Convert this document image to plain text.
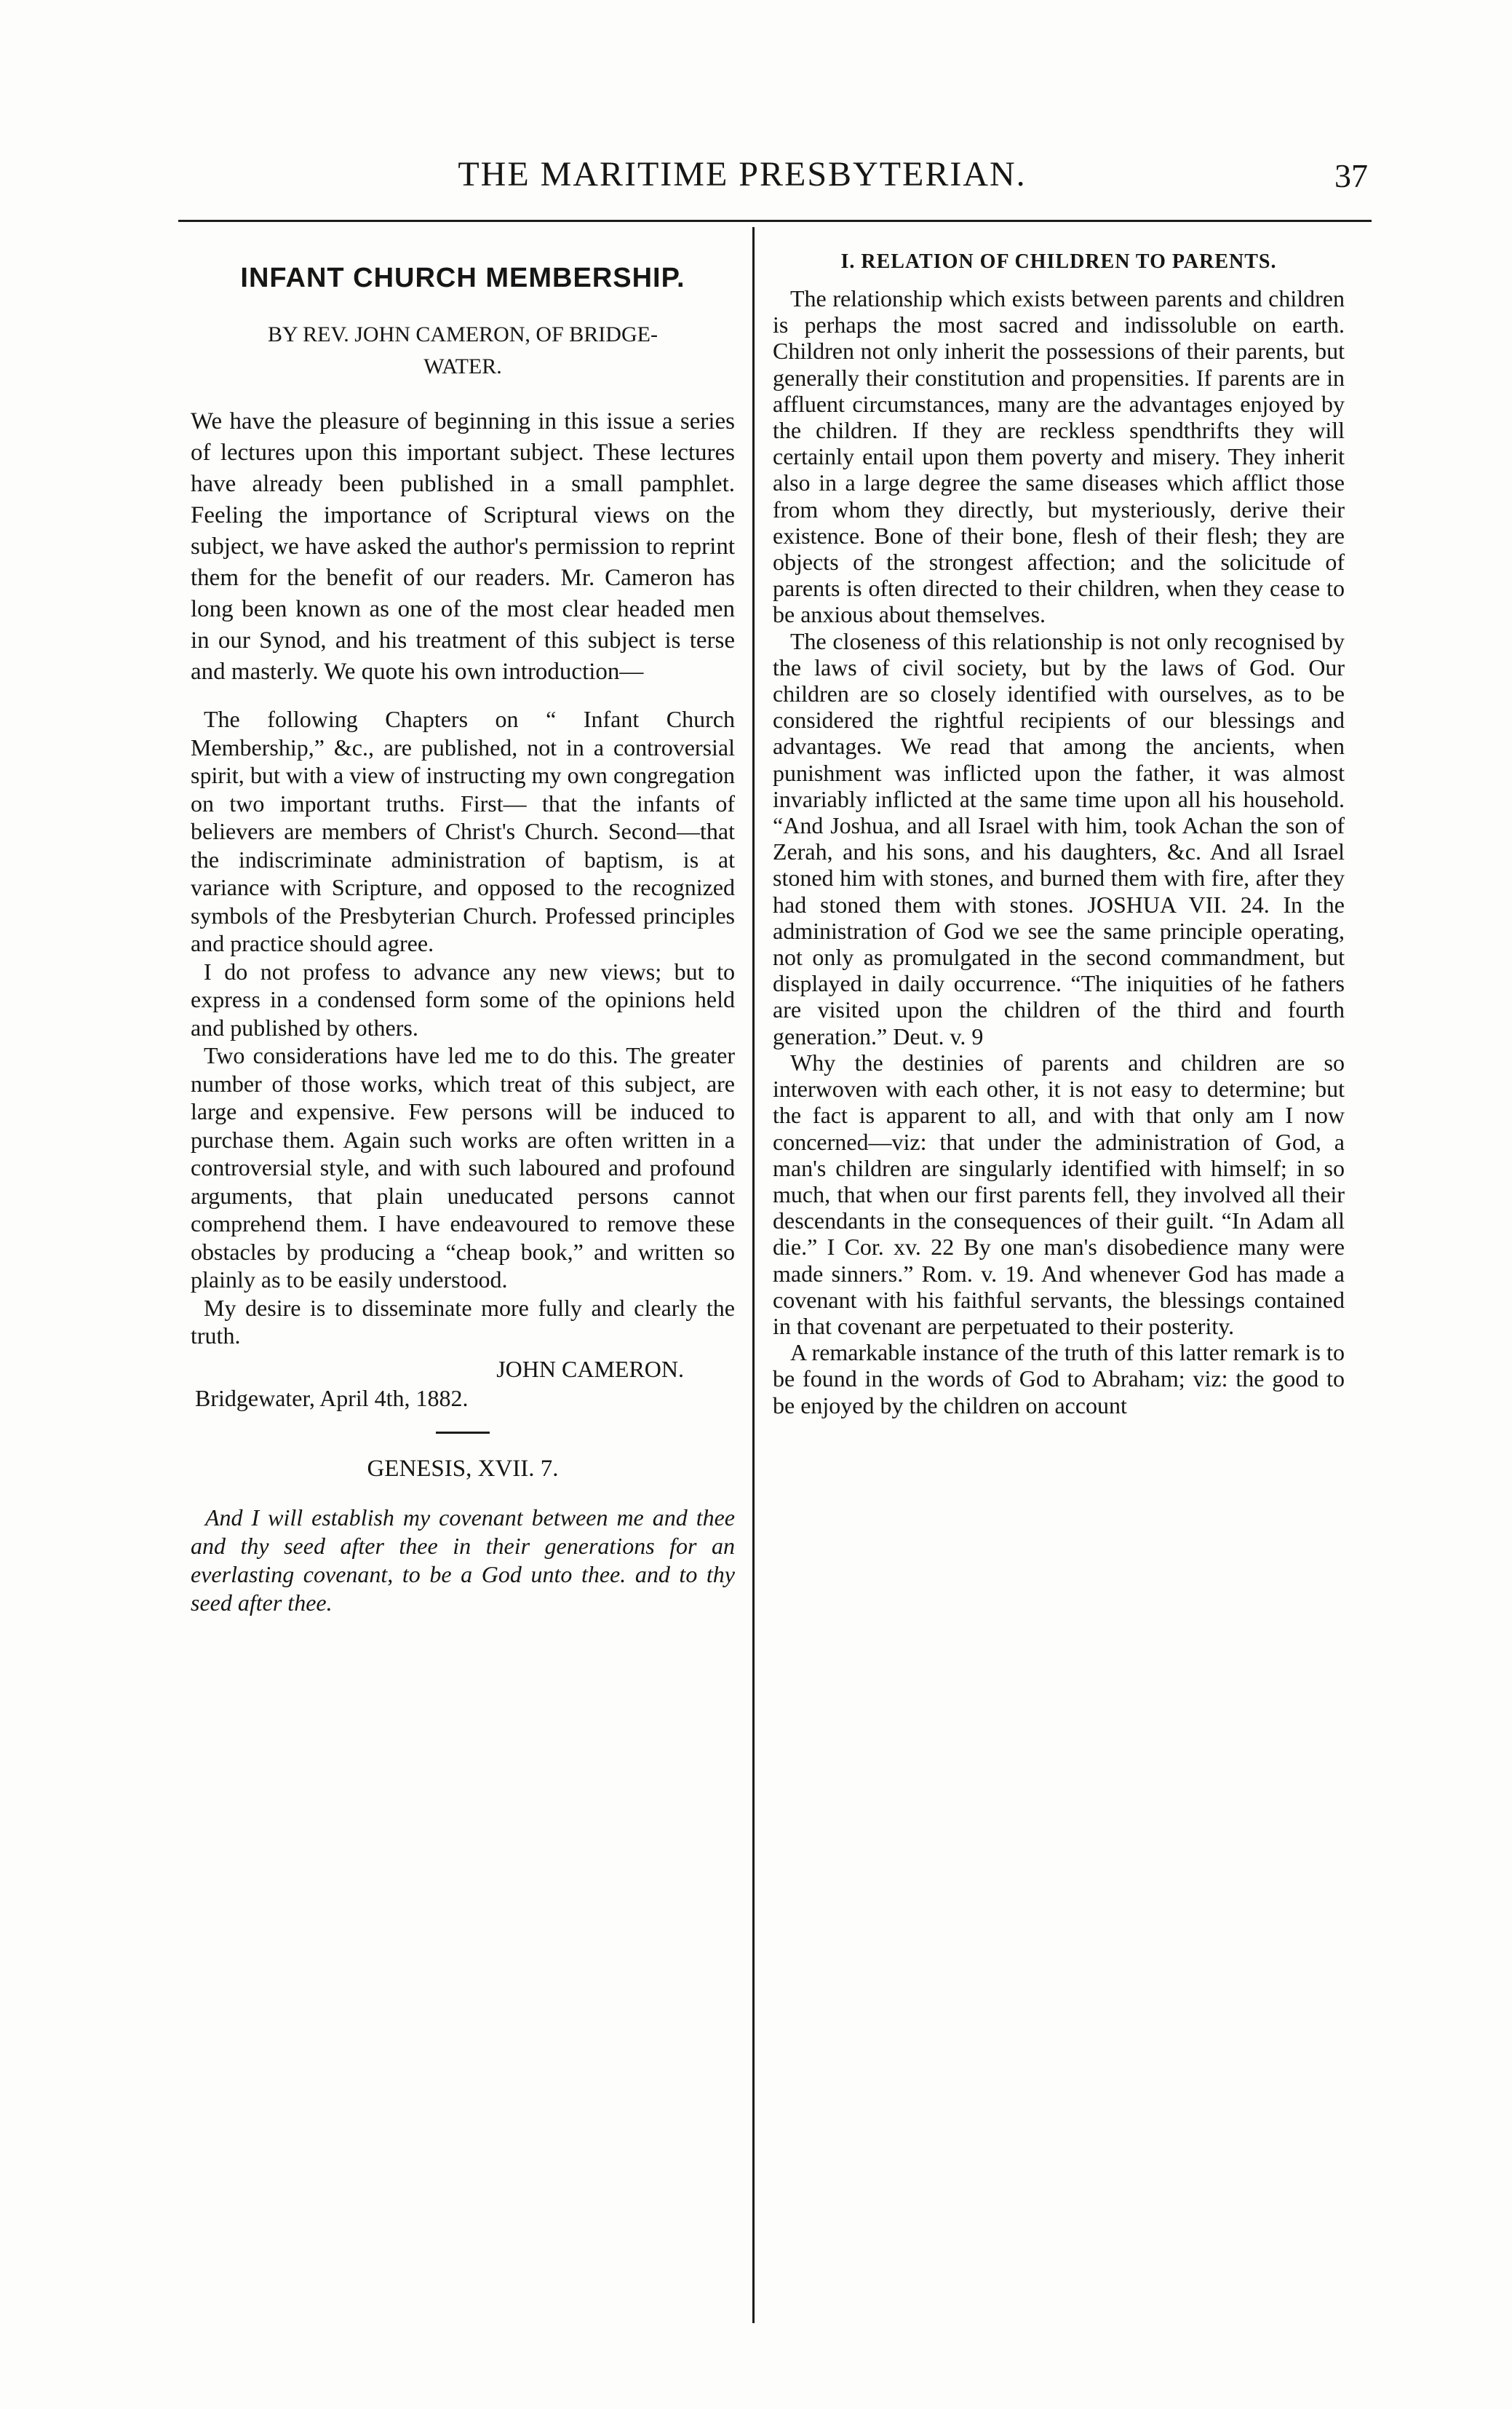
THE MARITIME PRESBYTERIAN.	37
INFANT CHURCH MEMBERSHIP.
BY REV. JOHN CAMERON, OF BRIDGE-
WATER.

We have the pleasure of beginning in this issue a series of lectures upon this important subject. These lectures have already been published in a small pamphlet. Feeling the importance of Scriptural views on the subject, we have asked the author's permission to reprint them for the benefit of our readers. Mr. Cameron has long been known as one of the most clear headed men in our Synod, and his treatment of this subject is terse and masterly. We quote his own introduction—

The following Chapters on “ Infant Church Membership,” &c., are published, not in a controversial spirit, but with a view of instructing my own congregation on two important truths. First— that the infants of believers are members of Christ's Church. Second—that the indiscriminate administration of baptism, is at variance with Scripture, and opposed to the recognized symbols of the Presbyterian Church. Professed principles and practice should agree.

I do not profess to advance any new views; but to express in a condensed form some of the opinions held and published by others.

Two considerations have led me to do this. The greater number of those works, which treat of this subject, are large and expensive. Few persons will be induced to purchase them. Again such works are often written in a controversial style, and with such laboured and profound arguments, that plain uneducated persons cannot comprehend them. I have endeavoured to remove these obstacles by producing a “cheap book,” and written so plainly as to be easily understood.

My desire is to disseminate more fully and clearly the truth.

JOHN CAMERON.
Bridgewater, April 4th, 1882.
GENESIS, XVII. 7.

And I will establish my covenant between me and thee and thy seed after thee in their generations for an everlasting covenant, to be a God unto thee. and to thy seed after thee.

I. RELATION OF CHILDREN TO PARENTS.

The relationship which exists between parents and children is perhaps the most sacred and indissoluble on earth. Children not only inherit the possessions of their parents, but generally their constitution and propensities. If parents are in affluent circumstances, many are the advantages enjoyed by the children. If they are reckless spendthrifts they will certainly entail upon them poverty and misery. They inherit also in a large degree the same diseases which afflict those from whom they directly, but mysteriously, derive their existence. Bone of their bone, flesh of their flesh; they are objects of the strongest affection; and the solicitude of parents is often directed to their children, when they cease to be anxious about themselves.

The closeness of this relationship is not only recognised by the laws of civil society, but by the laws of God. Our children are so closely identified with ourselves, as to be considered the rightful recipients of our blessings and advantages. We read that among the ancients, when punishment was inflicted upon the father, it was almost invariably inflicted at the same time upon all his household. “And Joshua, and all Israel with him, took Achan the son of Zerah, and his sons, and his daughters, &c. And all Israel stoned him with stones, and burned them with fire, after they had stoned them with stones. JOSHUA VII. 24. In the administration of God we see the same principle operating, not only as promulgated in the second commandment, but displayed in daily occurrence. “The iniquities of he fathers are visited upon the children of the third and fourth generation.” Deut. v. 9

Why the destinies of parents and children are so interwoven with each other, it is not easy to determine; but the fact is apparent to all, and with that only am I now concerned—viz: that under the administration of God, a man's children are singularly identified with himself; in so much, that when our first parents fell, they involved all their descendants in the consequences of their guilt. “In Adam all die.” I Cor. xv. 22 By one man's disobedience many were made sinners.” Rom. v. 19. And whenever God has made a covenant with his faithful servants, the blessings contained in that covenant are perpetuated to their posterity.

A remarkable instance of the truth of this latter remark is to be found in the words of God to Abraham; viz: the good to be enjoyed by the children on account
